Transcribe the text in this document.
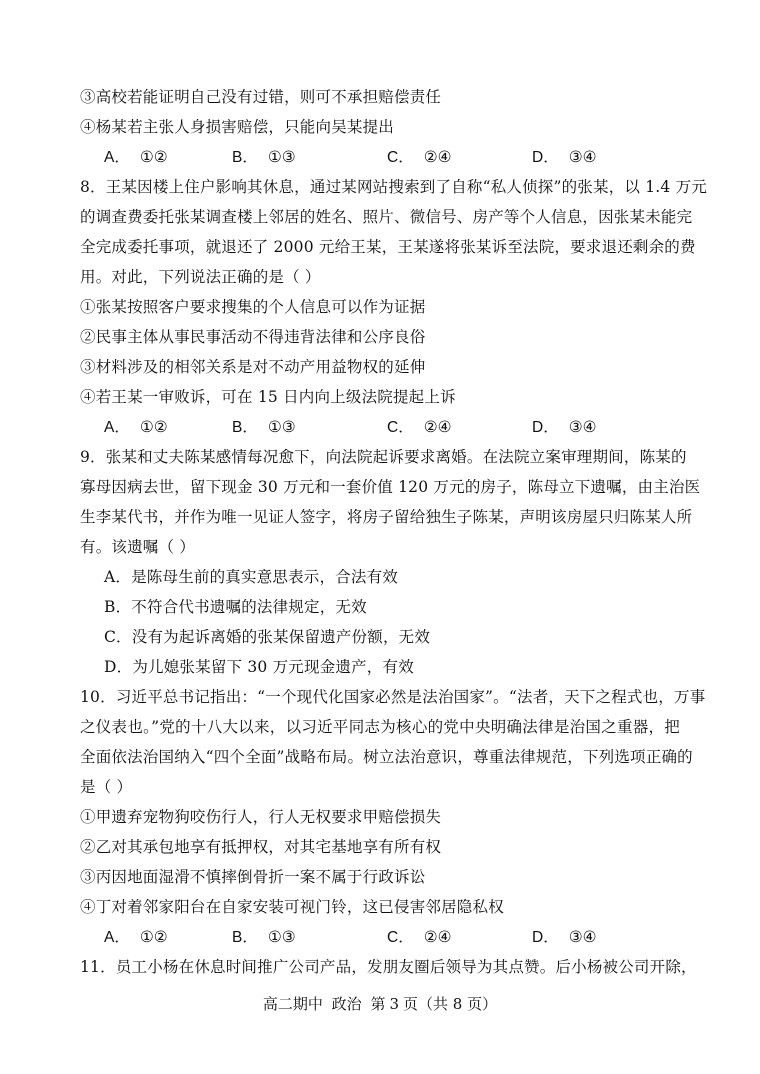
③高校若能证明自己没有过错，则可不承担赔偿责任
④杨某若主张人身损害赔偿，只能向吴某提出
A． ①②	B． ①③	C． ②④	D． ③④
8．王某因楼上住户影响其休息，通过某网站搜索到了自称“私人侦探”的张某，以 1.4 万元
的调查费委托张某调查楼上邻居的姓名、照片、微信号、房产等个人信息，因张某未能完
全完成委托事项，就退还了 2000 元给王某，王某遂将张某诉至法院，要求退还剩余的费
用。对此，下列说法正确的是（ ）
①张某按照客户要求搜集的个人信息可以作为证据
②民事主体从事民事活动不得违背法律和公序良俗
③材料涉及的相邻关系是对不动产用益物权的延伸
④若王某一审败诉，可在 15 日内向上级法院提起上诉
A． ①②	B． ①③	C． ②④	D． ③④
9．张某和丈夫陈某感情每况愈下，向法院起诉要求离婚。在法院立案审理期间，陈某的
寡母因病去世，留下现金 30 万元和一套价值 120 万元的房子，陈母立下遗嘱，由主治医
生李某代书，并作为唯一见证人签字，将房子留给独生子陈某，声明该房屋只归陈某人所
有。该遗嘱（ ）
A．是陈母生前的真实意思表示，合法有效
B．不符合代书遗嘱的法律规定，无效
C．没有为起诉离婚的张某保留遗产份额，无效
D．为儿媳张某留下 30 万元现金遗产，有效
10．习近平总书记指出：“一个现代化国家必然是法治国家”。“法者，天下之程式也，万事
之仪表也。”党的十八大以来，以习近平同志为核心的党中央明确法律是治国之重器，把
全面依法治国纳入“四个全面”战略布局。树立法治意识，尊重法律规范，下列选项正确的
是（ ）
①甲遗弃宠物狗咬伤行人，行人无权要求甲赔偿损失
②乙对其承包地享有抵押权，对其宅基地享有所有权
③丙因地面湿滑不慎摔倒骨折一案不属于行政诉讼
④丁对着邻家阳台在自家安装可视门铃，这已侵害邻居隐私权
A． ①②	B． ①③	C． ②④	D． ③④
11．员工小杨在休息时间推广公司产品，发朋友圈后领导为其点赞。后小杨被公司开除，
高二期中 政治 第 3 页（共 8 页）
